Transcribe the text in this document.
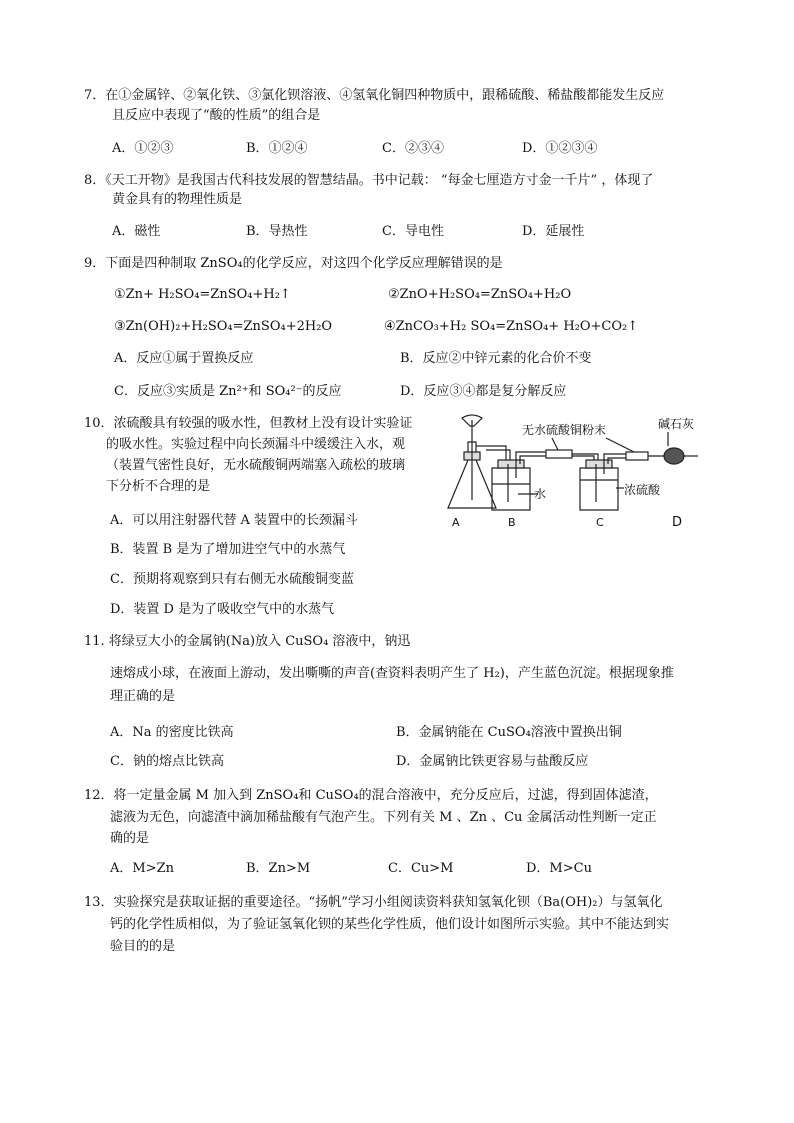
7．在①金属锌、②氧化铁、③氯化钡溶液、④氢氧化铜四种物质中，跟稀硫酸、稀盐酸都能发生反应
且反应中表现了“酸的性质”的组合是
A．①②③	B．①②④	C．②③④	D．①②③④
8．《天工开物》是我国古代科技发展的智慧结晶。书中记载： “每金七厘造方寸金一千片” ，体现了
黄金具有的物理性质是
A．磁性	B．导热性	C．导电性	D．延展性
9．下面是四种制取 ZnSO₄的化学反应，对这四个化学反应理解错误的是
①Zn+ H₂SO₄=ZnSO₄+H₂↑	②ZnO+H₂SO₄=ZnSO₄+H₂O
③Zn(OH)₂+H₂SO₄=ZnSO₄+2H₂O	④ZnCO₃+H₂ SO₄=ZnSO₄+ H₂O+CO₂↑
A．反应①属于置换反应	B．反应②中锌元素的化合价不变
C．反应③实质是 Zn²⁺和 SO₄²⁻的反应	D．反应③④都是复分解反应
10．浓硫酸具有较强的吸水性，但教材上没有设计实验证
的吸水性。实验过程中向长颈漏斗中缓缓注入水，观
（装置气密性良好，无水硫酸铜两端塞入疏松的玻璃
下分析不合理的是
A．可以用注射器代替 A 装置中的长颈漏斗
B．装置 B 是为了增加进空气中的水蒸气
C．预期将观察到只有右侧无水硫酸铜变蓝
D．装置 D 是为了吸收空气中的水蒸气
无水硫酸铜粉末	碱石灰
水	浓硫酸
A	B	C	D
11. 将绿豆大小的金属钠(Na)放入 CuSO₄ 溶液中，钠迅
速熔成小球，在液面上游动，发出嘶嘶的声音(查资料表明产生了 H₂)，产生蓝色沉淀。根据现象推
理正确的是
A．Na 的密度比铁高	B．金属钠能在 CuSO₄溶液中置换出铜
C．钠的熔点比铁高	D．金属钠比铁更容易与盐酸反应
12．将一定量金属 M 加入到 ZnSO₄和 CuSO₄的混合溶液中，充分反应后，过滤，得到固体滤渣，
滤液为无色，向滤渣中滴加稀盐酸有气泡产生。下列有关 M 、Zn 、Cu 金属活动性判断一定正
确的是
A．M>Zn	B．Zn>M	C．Cu>M	D．M>Cu
13．实验探究是获取证据的重要途径。“扬帆”学习小组阅读资料获知氢氧化钡（Ba(OH)₂）与氢氧化
钙的化学性质相似，为了验证氢氧化钡的某些化学性质，他们设计如图所示实验。其中不能达到实
验目的的是
